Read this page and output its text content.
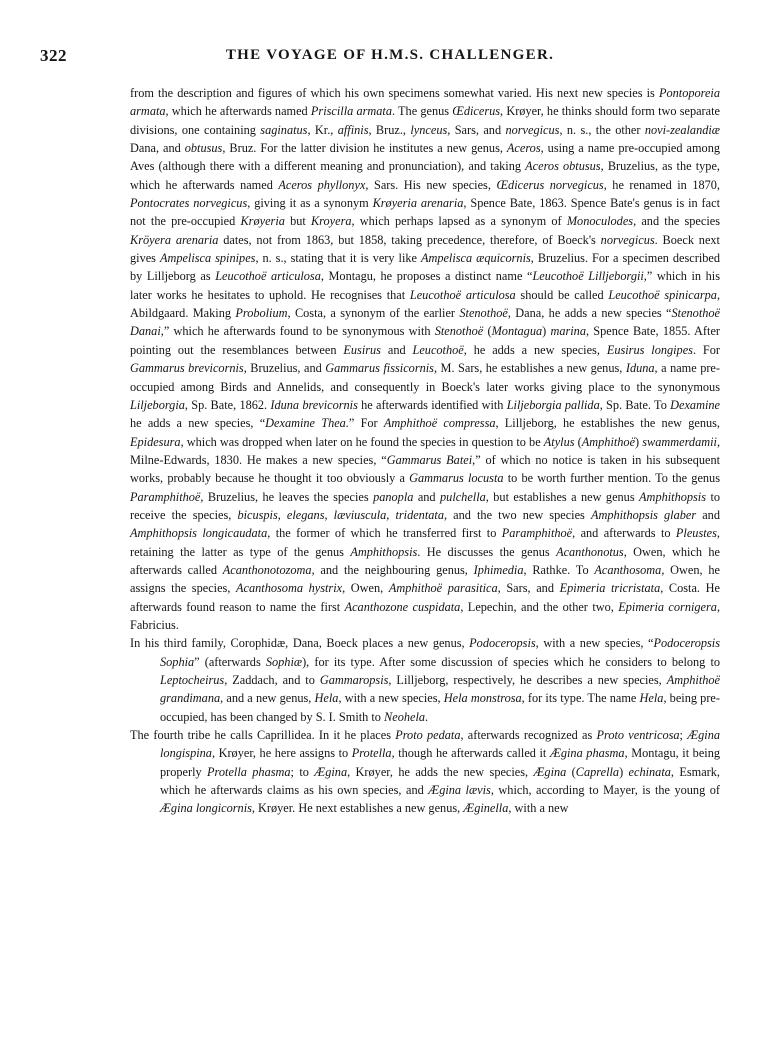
322	THE VOYAGE OF H.M.S. CHALLENGER.

from the description and figures of which his own specimens somewhat varied. His next new species is Pontoporeia armata, which he afterwards named Priscilla armata. The genus Œdicerus, Krøyer, he thinks should form two separate divisions, one containing saginatus, Kr., affinis, Bruz., lynceus, Sars, and norvegicus, n. s., the other novi-zealandiæ Dana, and obtusus, Bruz. For the latter division he institutes a new genus, Aceros, using a name pre-occupied among Aves (although there with a different meaning and pronunciation), and taking Aceros obtusus, Bruzelius, as the type, which he afterwards named Aceros phyllonyx, Sars. His new species, Œdicerus norvegicus, he renamed in 1870, Pontocrates norvegicus, giving it as a synonym Krøyeria arenaria, Spence Bate, 1863. Spence Bate's genus is in fact not the pre-occupied Krøyeria but Kroyera, which perhaps lapsed as a synonym of Monoculodes, and the species Kröyera arenaria dates, not from 1863, but 1858, taking precedence, therefore, of Boeck's norvegicus. Boeck next gives Ampelisca spinipes, n. s., stating that it is very like Ampelisca æquicornis, Bruzelius. For a specimen described by Lilljeborg as Leucothoë articulosa, Montagu, he proposes a distinct name “Leucothoë Lilljeborgii,” which in his later works he hesitates to uphold. He recognises that Leucothoë articulosa should be called Leucothoë spinicarpa, Abildgaard. Making Probolium, Costa, a synonym of the earlier Stenothoë, Dana, he adds a new species “Stenothoë Danai,” which he afterwards found to be synonymous with Stenothoë (Montagua) marina, Spence Bate, 1855. After pointing out the resemblances between Eusirus and Leucothoë, he adds a new species, Eusirus longipes. For Gammarus brevicornis, Bruzelius, and Gammarus fissicornis, M. Sars, he establishes a new genus, Iduna, a name pre-occupied among Birds and Annelids, and consequently in Boeck's later works giving place to the synonymous Liljeborgia, Sp. Bate, 1862. Iduna brevicornis he afterwards identified with Liljeborgia pallida, Sp. Bate. To Dexamine he adds a new species, “Dexamine Thea.” For Amphithoë compressa, Lilljeborg, he establishes the new genus, Epidesura, which was dropped when later on he found the species in question to be Atylus (Amphithoë) swammerdamii, Milne-Edwards, 1830. He makes a new species, “Gammarus Batei,” of which no notice is taken in his subsequent works, probably because he thought it too obviously a Gammarus locusta to be worth further mention. To the genus Paramphithoë, Bruzelius, he leaves the species panopla and pulchella, but establishes a new genus Amphithopsis to receive the species, bicuspis, elegans, læviuscula, tridentata, and the two new species Amphithopsis glaber and Amphithopsis longicaudata, the former of which he transferred first to Paramphithoë, and afterwards to Pleustes, retaining the latter as type of the genus Amphithopsis. He discusses the genus Acanthonotus, Owen, which he afterwards called Acanthonotozoma, and the neighbouring genus, Iphimedia, Rathke. To Acanthosoma, Owen, he assigns the species, Acanthosoma hystrix, Owen, Amphithoë parasitica, Sars, and Epimeria tricristata, Costa. He afterwards found reason to name the first Acanthozone cuspidata, Lepechin, and the other two, Epimeria cornigera, Fabricius.

In his third family, Corophidæ, Dana, Boeck places a new genus, Podoceropsis, with a new species, “Podoceropsis Sophia” (afterwards Sophiæ), for its type. After some discussion of species which he considers to belong to Leptocheirus, Zaddach, and to Gammaropsis, Lilljeborg, respectively, he describes a new species, Amphithoë grandimana, and a new genus, Hela, with a new species, Hela monstrosa, for its type. The name Hela, being pre-occupied, has been changed by S. I. Smith to Neohela.

The fourth tribe he calls Caprillidea. In it he places Proto pedata, afterwards recognized as Proto ventricosa; Ægina longispina, Krøyer, he here assigns to Protella, though he afterwards called it Ægina phasma, Montagu, it being properly Protella phasma; to Ægina, Krøyer, he adds the new species, Ægina (Caprella) echinata, Esmark, which he afterwards claims as his own species, and Ægina lævis, which, according to Mayer, is the young of Ægina longicornis, Krøyer. He next establishes a new genus, Æginella, with a new
